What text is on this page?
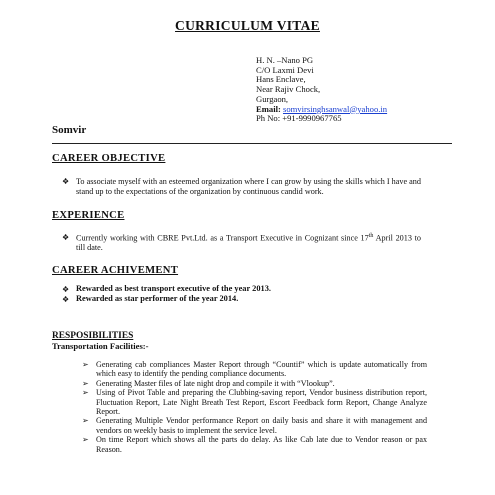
CURRICULUM VITAE
H. N. –Nano PG
C/O Laxmi Devi
Hans Enclave,
Near Rajiv Chock,
Gurgaon,
Email: somvirsinghsanwal@yahoo.in
Ph No: +91-9990967765
Somvir
CAREER OBJECTIVE
❖ To associate myself with an esteemed organization where I can grow by using the skills which I have and stand up to the expectations of the organization by continuous candid work.
EXPERIENCE
❖ Currently working with CBRE Pvt.Ltd. as a Transport Executive in Cognizant since 17th April 2013 to till date.
CAREER ACHIVEMENT
❖ Rewarded as best transport executive of the year 2013.
❖ Rewarded as star performer of the year 2014.
RESPOSIBILITIES
Transportation Facilities:-
➢ Generating cab compliances Master Report through “Countif” which is update automatically from which easy to identify the pending compliance documents.
➢ Generating Master files of late night drop and compile it with “Vlookup”.
➢ Using of Pivot Table and preparing the Clubbing-saving report, Vendor business distribution report, Fluctuation Report, Late Night Breath Test Report, Escort Feedback form Report, Change Analyze Report.
➢ Generating Multiple Vendor performance Report on daily basis and share it with management and vendors on weekly basis to implement the service level.
➢ On time Report which shows all the parts do delay. As like Cab late due to Vendor reason or pax Reason.
